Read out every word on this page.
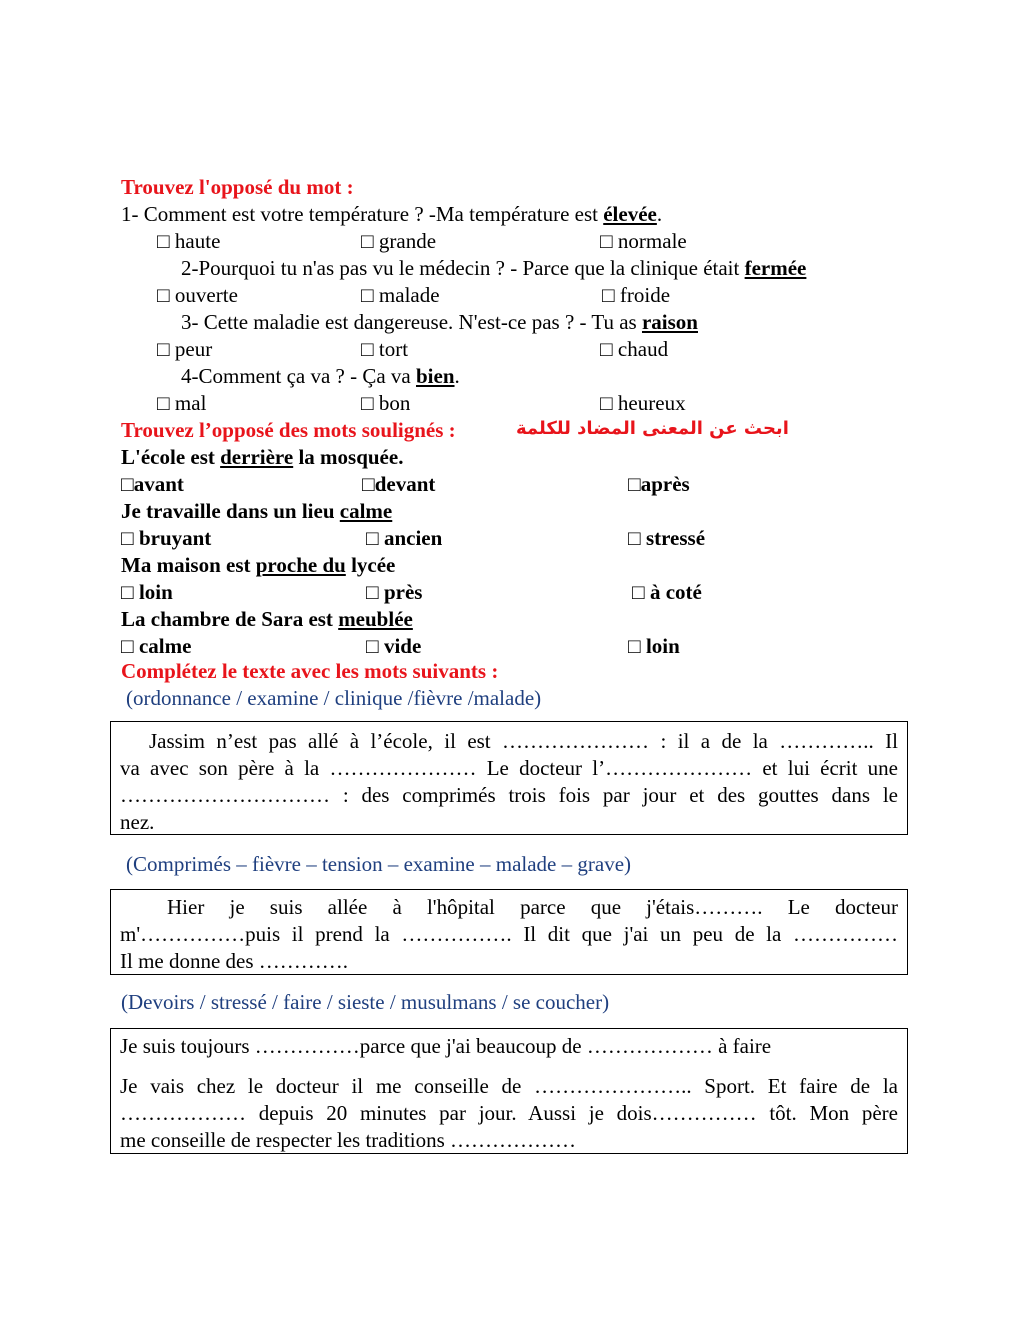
Trouvez l'opposé du mot :
1- Comment est votre température ? -Ma température est élevée.
□ haute	□ grande	□ normale
2-Pourquoi tu n'as pas vu le médecin ? - Parce que la clinique était fermée
□ ouverte	□ malade	□ froide
3- Cette maladie est dangereuse. N'est-ce pas ? - Tu as raison
□ peur	□ tort	□ chaud
4-Comment ça va ? - Ça va bien.
□ mal	□ bon	□ heureux
Trouvez l’opposé des mots soulignés :	ابحث عن المعنى المضاد للكلمة
L'école est derrière la mosquée.
□avant	□devant	□après
Je travaille dans un lieu calme
□ bruyant	□ ancien	□ stressé
Ma maison est proche du lycée
□ loin	□ près	□ à coté
La chambre de Sara est meublée
□ calme	□ vide	□ loin
Complétez le texte avec les mots suivants :
(ordonnance / examine / clinique /fièvre /malade)
Jassim n’est pas allé à l’école, il est ………………… : il a de la ………….. Il
va avec son père à la ………………… Le docteur l’………………… et lui écrit une
………………………… : des comprimés trois fois par jour et des gouttes dans le
nez.
(Comprimés – fièvre – tension – examine – malade – grave)
Hier je suis allée à l'hôpital parce que j'étais………. Le docteur
m'……………puis il prend la ……………. Il dit que j'ai un peu de la ……………
Il me donne des ………….
(Devoirs / stressé / faire / sieste / musulmans / se coucher)
Je suis toujours ……………parce que j'ai beaucoup de ……………… à faire
Je vais chez le docteur il me conseille de ………………….. Sport. Et faire de la
……………… depuis 20 minutes par jour. Aussi je dois…………… tôt. Mon père
me conseille de respecter les traditions ………………
